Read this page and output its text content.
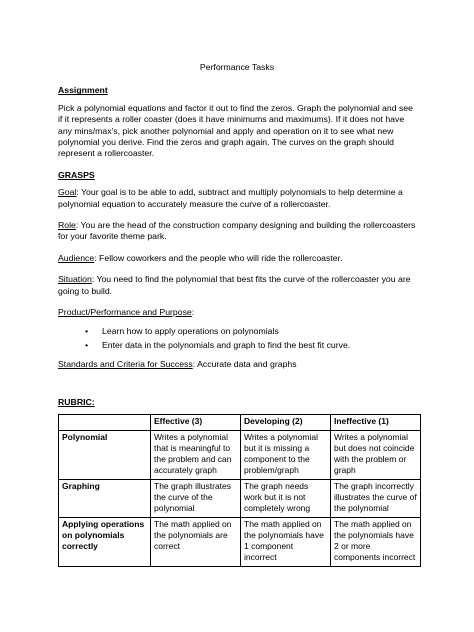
Performance Tasks
Assignment
Pick a polynomial equations and factor it out to find the zeros. Graph the polynomial and see if it represents a roller coaster (does it have minimums and maximums). If it does not have any mins/max's, pick another polynomial and apply and operation on it to see what new polynomial you derive. Find the zeros and graph again. The curves on the graph should represent a rollercoaster.
GRASPS
Goal: Your goal is to be able to add, subtract and multiply polynomials to help determine a polynomial equation to accurately measure the curve of a rollercoaster.
Role: You are the head of the construction company designing and building the rollercoasters for your favorite theme park.
Audience: Fellow coworkers and the people who will ride the rollercoaster.
Situation: You need to find the polynomial that best fits the curve of the rollercoaster you are going to build.
Product/Performance and Purpose:
• Learn how to apply operations on polynomials
• Enter data in the polynomials and graph to find the best fit curve.
Standards and Criteria for Success: Accurate data and graphs
RUBRIC:
	Effective (3)	Developing (2)	Ineffective (1)
Polynomial	Writes a polynomial that is meaningful to the problem and can accurately graph	Writes a polynomial but it is missing a component to the problem/graph	Writes a polynomial but does not coincide with the problem or graph
Graphing	The graph illustrates the curve of the polynomial	The graph needs work but it is not completely wrong	The graph incorrectly illustrates the curve of the polynomial
Applying operations on polynomials correctly	The math applied on the polynomials are correct	The math applied on the polynomials have 1 component incorrect	The math applied on the polynomials have 2 or more components incorrect
